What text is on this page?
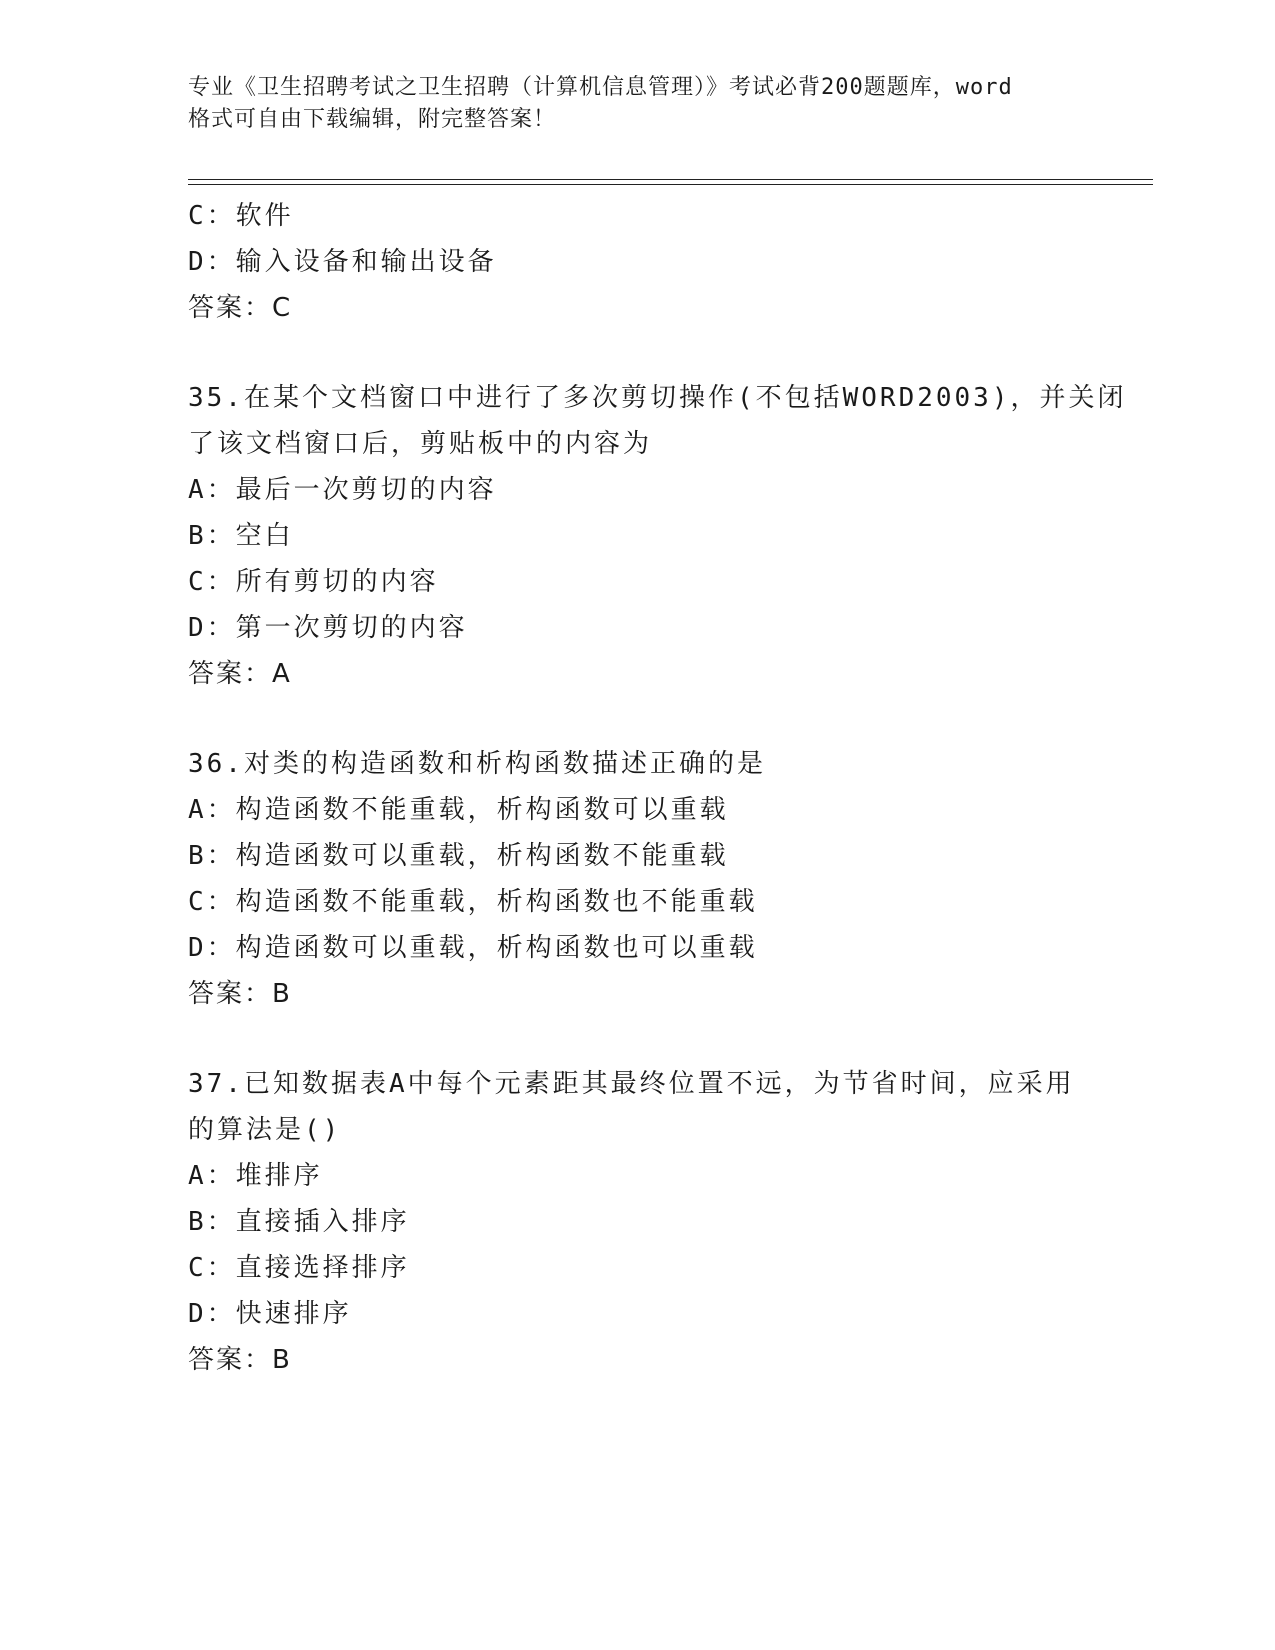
专业《卫生招聘考试之卫生招聘（计算机信息管理）》考试必背200题题库，word
格式可自由下载编辑，附完整答案！
C：软件
D：输入设备和输出设备
答案：C
35.在某个文档窗口中进行了多次剪切操作(不包括WORD2003)，并关闭
了该文档窗口后，剪贴板中的内容为
A：最后一次剪切的内容
B：空白
C：所有剪切的内容
D：第一次剪切的内容
答案：A
36.对类的构造函数和析构函数描述正确的是
A：构造函数不能重载，析构函数可以重载
B：构造函数可以重载，析构函数不能重载
C：构造函数不能重载，析构函数也不能重载
D：构造函数可以重载，析构函数也可以重载
答案：B
37.已知数据表A中每个元素距其最终位置不远，为节省时间，应采用
的算法是()
A：堆排序
B：直接插入排序
C：直接选择排序
D：快速排序
答案：B
